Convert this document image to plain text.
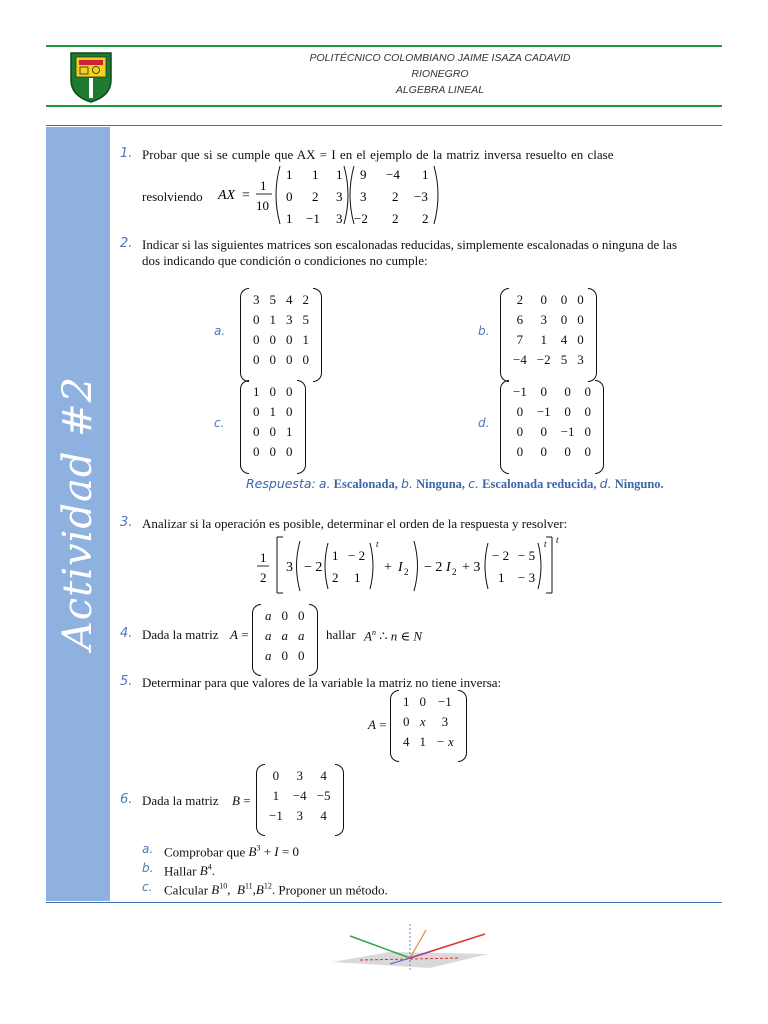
POLITÉCNICO COLOMBIANO JAIME ISAZA CADAVID
RIONEGRO
ALGEBRA LINEAL
Actividad #2
1. Probar que si se cumple que AX = I en el ejemplo de la matriz inversa resuelto en clase
resolviendo AX =
1
10
1 1 1
0 2 3
1 −1 3
9 −4 1
3 2 −3
−2 2 2
2. Indicar si las siguientes matrices son escalonadas reducidas, simplemente escalonadas o ninguna de las
dos indicando que condición o condiciones no cumple:
a.	b.
c.	d.
3	5	4	2
0	1	3	5
0	0	0	1
0	0	0	0
2	0	0	0
6	3	0	0
7	1	4	0
−4	−2	5	3
1	0	0
0	1	0
0	0	1
0	0	0
−1	0	0	0
0	−1	0	0
0	0	−1	0
0	0	0	0
Respuesta: a. Escalonada, b. Ninguna, c. Escalonada reducida, d. Ninguno.
3. Analizar si la operación es posible, determinar el orden de la respuesta y resolver:
1
2
3 − 2
1 − 2
2 1
t
+ I 2 − 2 I 2 + 3
− 2 − 5
1 − 3
t t
4. Dada la matriz A =
a	0	0
a	a	a
a	0	0
hallar $A^n$ ∴ n ∈ N
5. Determinar para que valores de la variable la matriz no tiene inversa:
A =
1	0	−1
0	x	3
4	1	− x
6. Dada la matriz B =
0	3	4
1	−4	−5
−1	3	4
a. Comprobar que $B^3 + I = 0$
b. Hallar $B^4$.
c. Calcular $B^{10}$,  $B^{11},B^{12}$. Proponer un método.
